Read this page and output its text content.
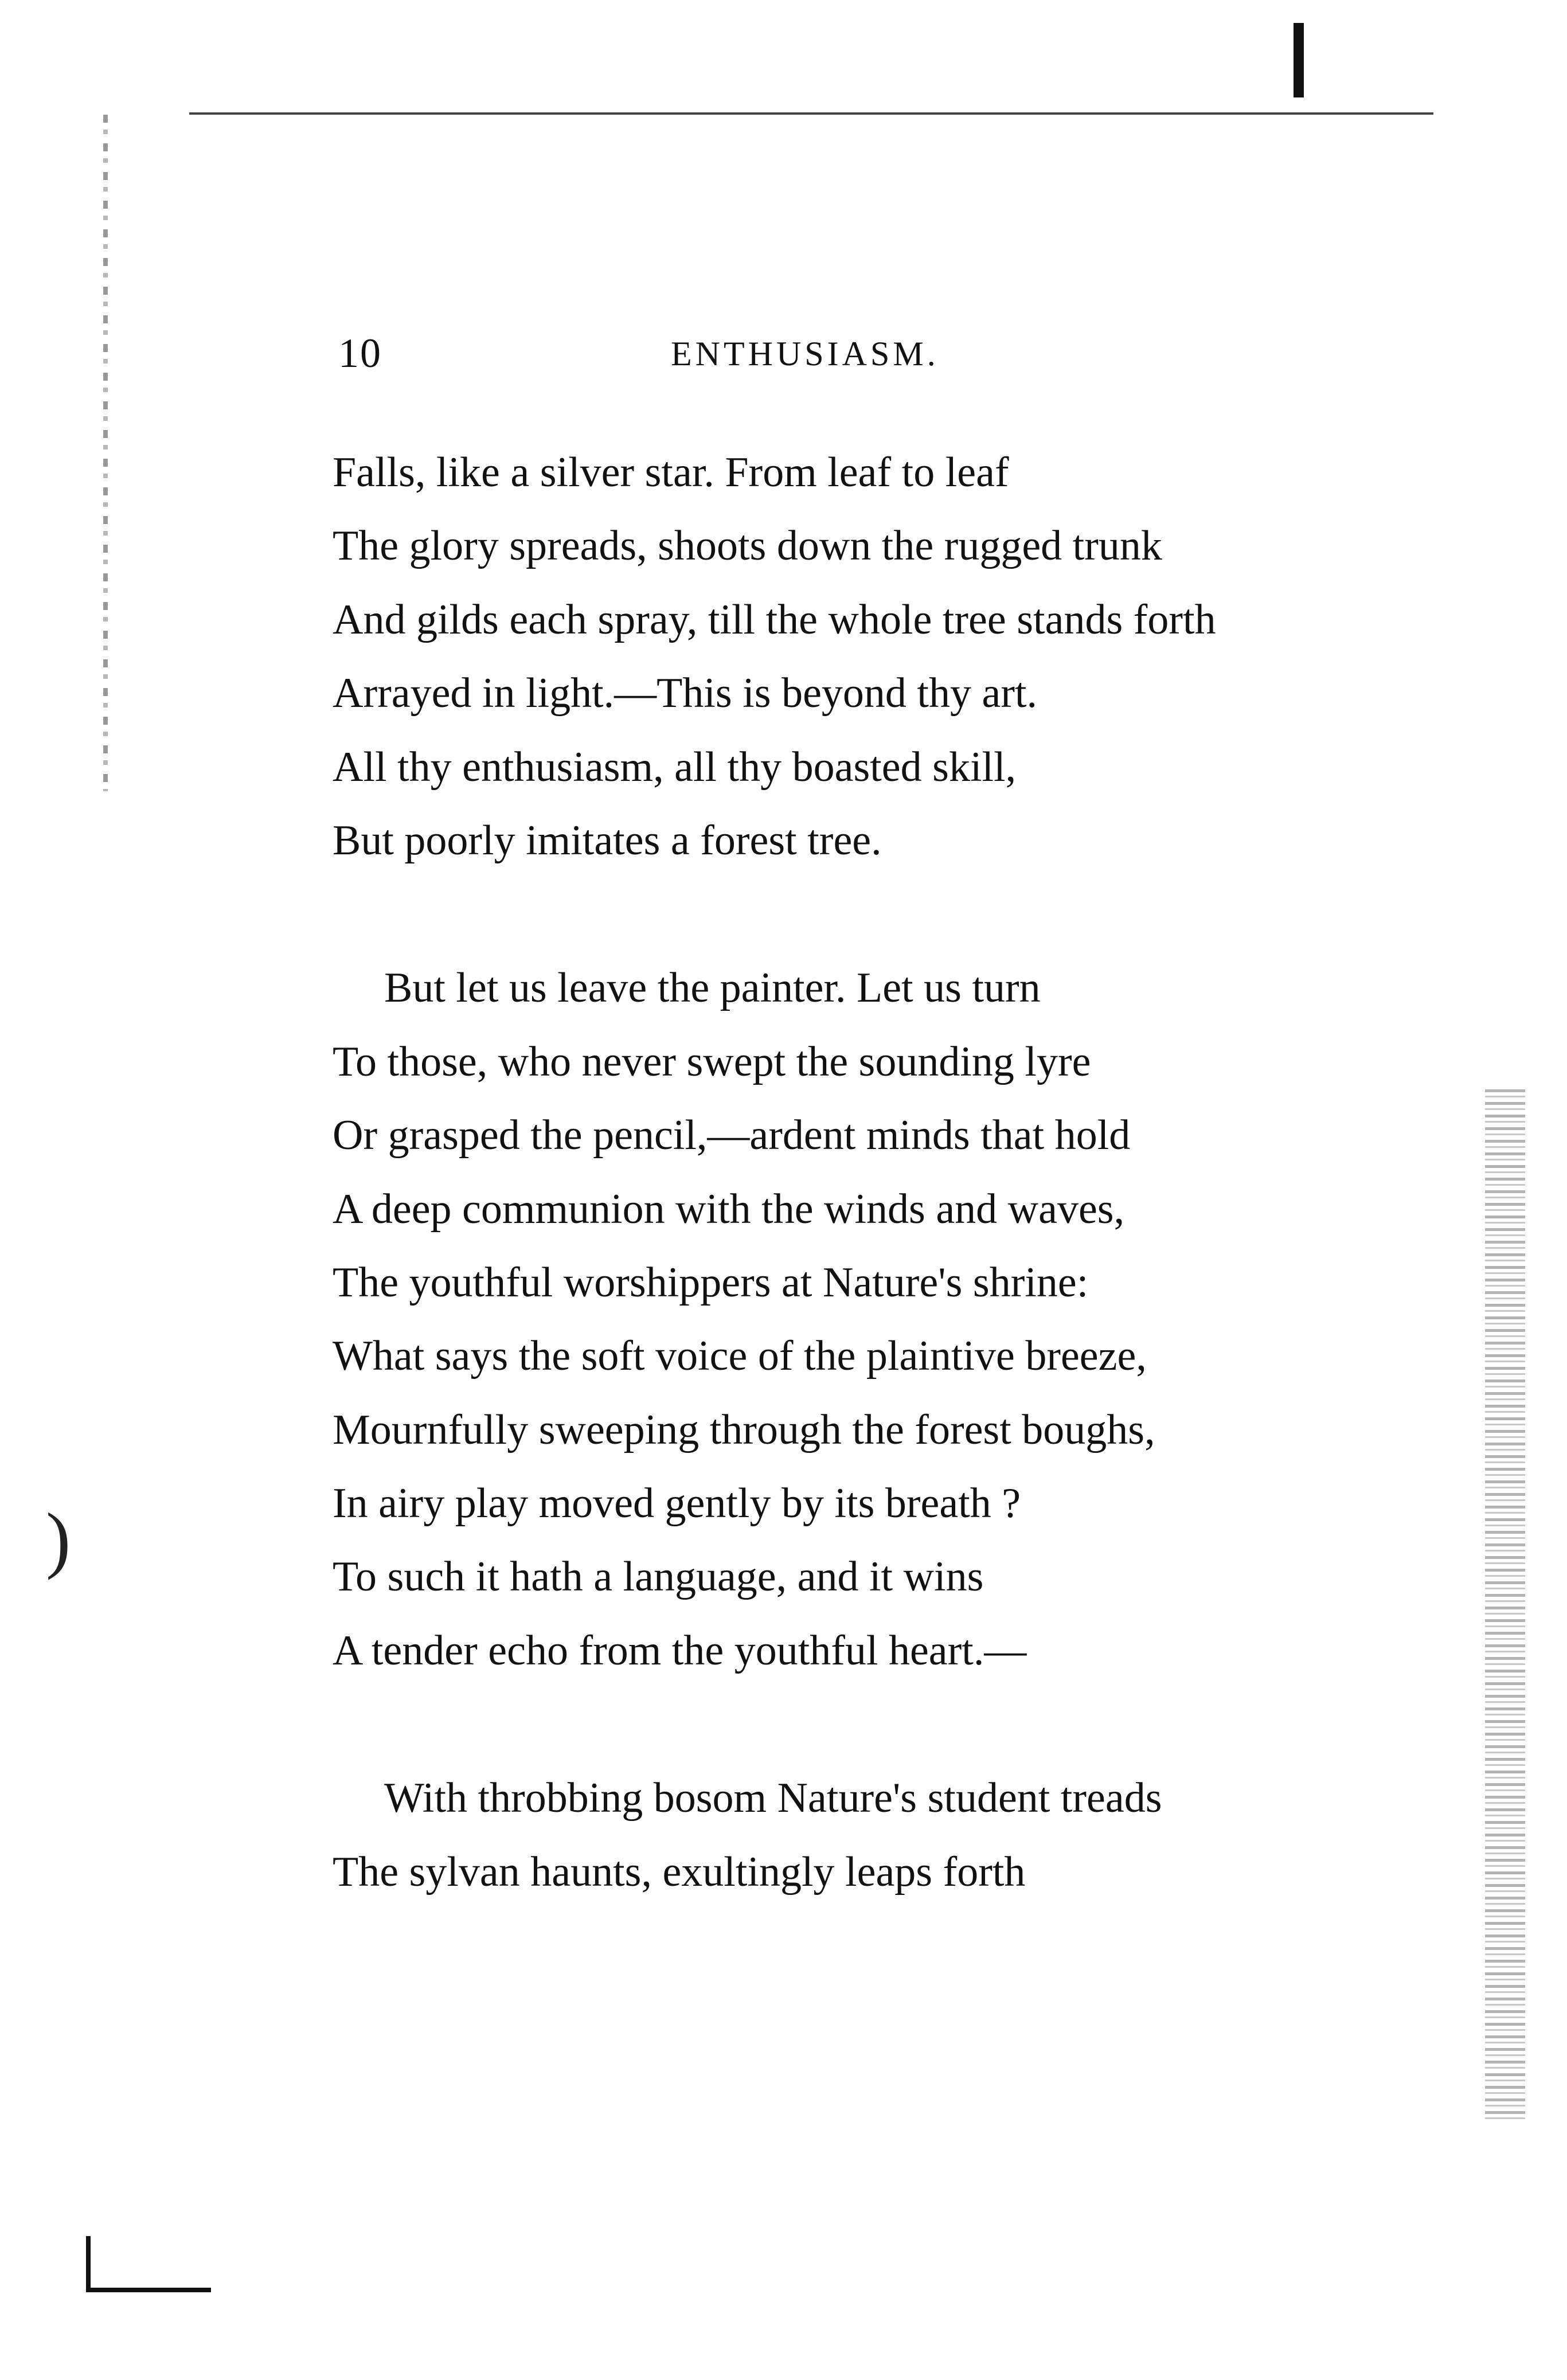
)
10	ENTHUSIASM.
Falls, like a silver star. From leaf to leaf
The glory spreads, shoots down the rugged trunk
And gilds each spray, till the whole tree stands forth
Arrayed in light.—This is beyond thy art.
All thy enthusiasm, all thy boasted skill,
But poorly imitates a forest tree.
But let us leave the painter. Let us turn
To those, who never swept the sounding lyre
Or grasped the pencil,—ardent minds that hold
A deep communion with the winds and waves,
The youthful worshippers at Nature's shrine:
What says the soft voice of the plaintive breeze,
Mournfully sweeping through the forest boughs,
In airy play moved gently by its breath ?
To such it hath a language, and it wins
A tender echo from the youthful heart.—
With throbbing bosom Nature's student treads
The sylvan haunts, exultingly leaps forth
